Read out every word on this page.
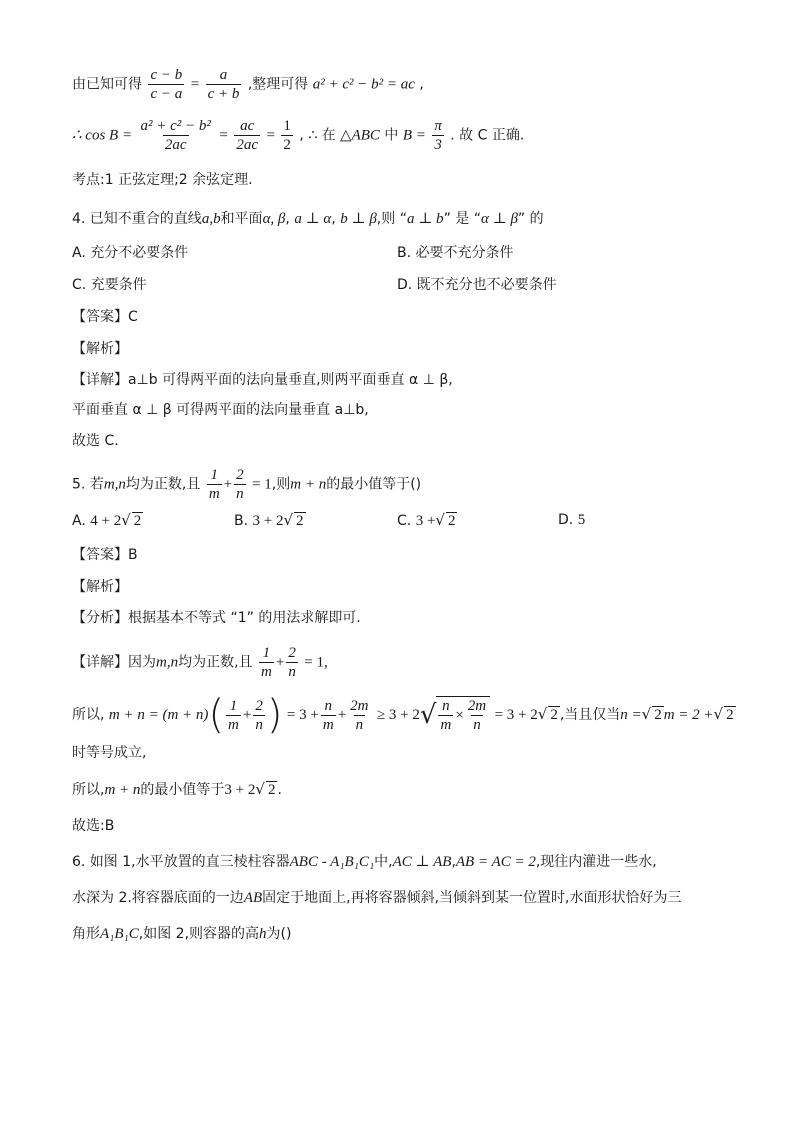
由已知可得 $\frac{c - b}{c - a} = \frac{a}{c + b}$ ,整理可得 a² + c² − b² = ac ,
∴ $\cos B = \frac{\text{a² + c² − b²}}{2ac} = \frac{ac}{2ac} = \frac{1}{2}$ , ∴ 在 △ABC 中 $B = \frac{\pi}{3}$ . 故 C 正确.
考点:1 正弦定理;2 余弦定理.
4. 已知不重合的直线a,b和平面α, β, a ⊥ α, b ⊥ β,则 “a ⊥ b” 是 “α ⊥ β” 的
A. 充分不必要条件	B. 必要不充分条件
C. 充要条件	D. 既不充分也不必要条件
【答案】C
【解析】
【详解】a⊥b 可得两平面的法向量垂直,则两平面垂直 α ⊥ β,
平面垂直 α ⊥ β 可得两平面的法向量垂直 a⊥b,
故选 C.
5. 若m,n均为正数,且 $\frac{1}{m} + \frac{2}{n} = 1$,则m + n的最小值等于()
A. 4 + 2√ 2	B. 3 + 2√ 2	C. 3 +√ 2	D. 5
【答案】B
【解析】
【分析】根据基本不等式 “1” 的用法求解即可.
【详解】因为m,n均为正数,且 $\frac{1}{m} + \frac{2}{n} = 1$,
所以, $m + n = (m + n)( \frac{1}{m} + \frac{2}{n}$ ) = $3 + \frac{n}{m} + \frac{2m}{n} \ge 3 + 2√ \frac{n}{m} \times \frac{2m}{n} = 3 + 2√$ 2 ,当且仅当n =√ 2 m = 2 +√ 2
时等号成立,
所以,m + n的最小值等于3 + 2√ 2 .
故选:B
6. 如图 1,水平放置的直三棱柱容器ABC - A₁B₁C₁中,AC ⊥ AB,AB = AC = 2,现往内灌进一些水,
水深为 2.将容器底面的一边AB固定于地面上,再将容器倾斜,当倾斜到某一位置时,水面形状恰好为三
角形A₁B₁C,如图 2,则容器的高h为()
